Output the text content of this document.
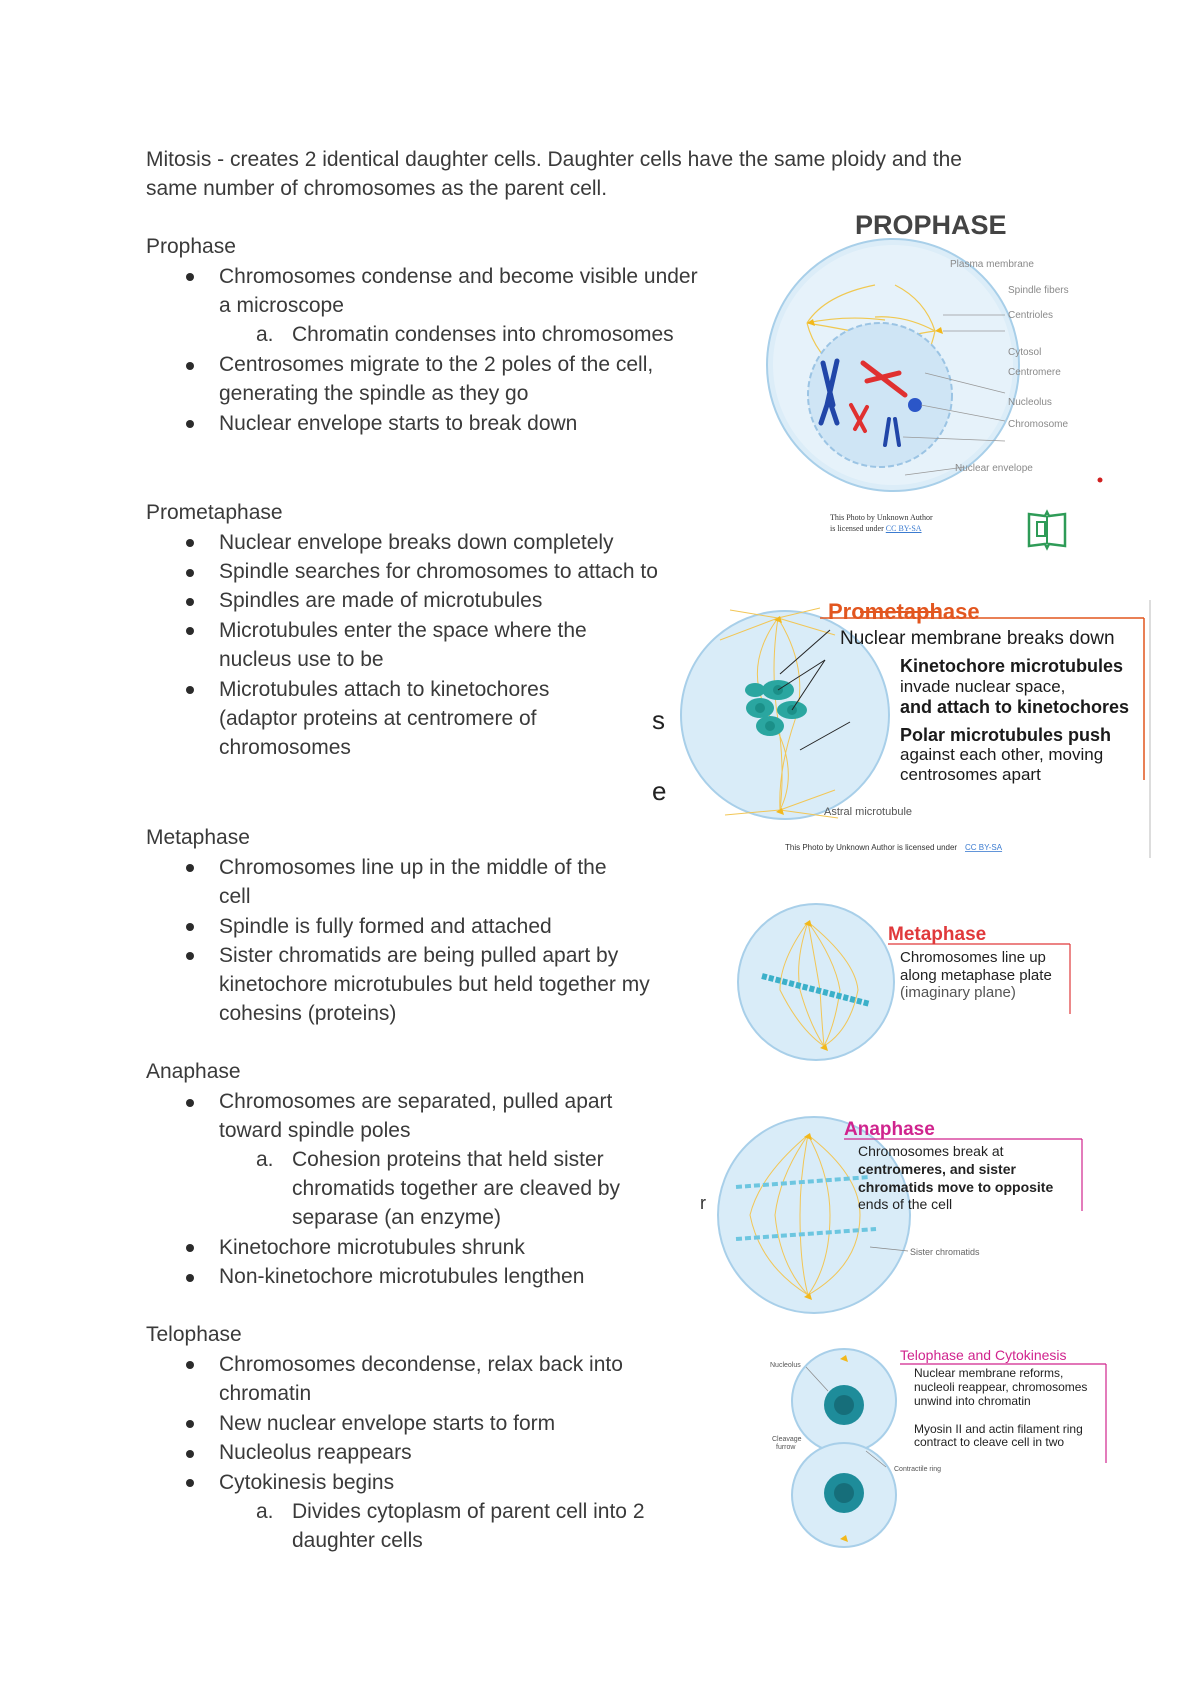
Mitosis - creates 2 identical daughter cells. Daughter cells have the same ploidy and the
same number of chromosomes as the parent cell.
Prophase
Chromosomes condense and become visible under
a microscope
a. Chromatin condenses into chromosomes
Centrosomes migrate to the 2 poles of the cell,
generating the spindle as they go
Nuclear envelope starts to break down
Prometaphase
Nuclear envelope breaks down completely
Spindle searches for chromosomes to attach to
Spindles are made of microtubules
Microtubules enter the space where the
nucleus use to be
Microtubules attach to kinetochores
(adaptor proteins at centromere of
chromosomes
Metaphase
Chromosomes line up in the middle of the
cell
Spindle is fully formed and attached
Sister chromatids are being pulled apart by
kinetochore microtubules but held together my
cohesins (proteins)
Anaphase
Chromosomes are separated, pulled apart
toward spindle poles
a. Cohesion proteins that held sister
chromatids together are cleaved by
separase (an enzyme)
Kinetochore microtubules shrunk
Non-kinetochore microtubules lengthen
Telophase
Chromosomes decondense, relax back into
chromatin
New nuclear envelope starts to form
Nucleolus reappears
Cytokinesis begins
a. Divides cytoplasm of parent cell into 2
daughter cells
PROPHASE
Plasma membrane
Spindle fibers
Centrioles
Cytosol
Centromere
Nucleolus
Chromosome
Nuclear envelope
This Photo by Unknown Author
is licensed under CC BY-SA
s
e
Prometaphase
Nuclear membrane breaks down
Kinetochore microtubules
invade nuclear space,
and attach to kinetochores
Polar microtubules push
against each other, moving
centrosomes apart
Astral microtubule
This Photo by Unknown Author is licensed under CC BY-SA
Metaphase
Chromosomes line up
along metaphase plate
(imaginary plane)
r
Anaphase
Chromosomes break at
centromeres, and sister
chromatids move to opposite
ends of the cell
Sister chromatids
Nucleolus
Cleavage
furrow
Contractile ring
Telophase and Cytokinesis
Nuclear membrane reforms,
nucleoli reappear, chromosomes
unwind into chromatin
Myosin II and actin filament ring
contract to cleave cell in two
